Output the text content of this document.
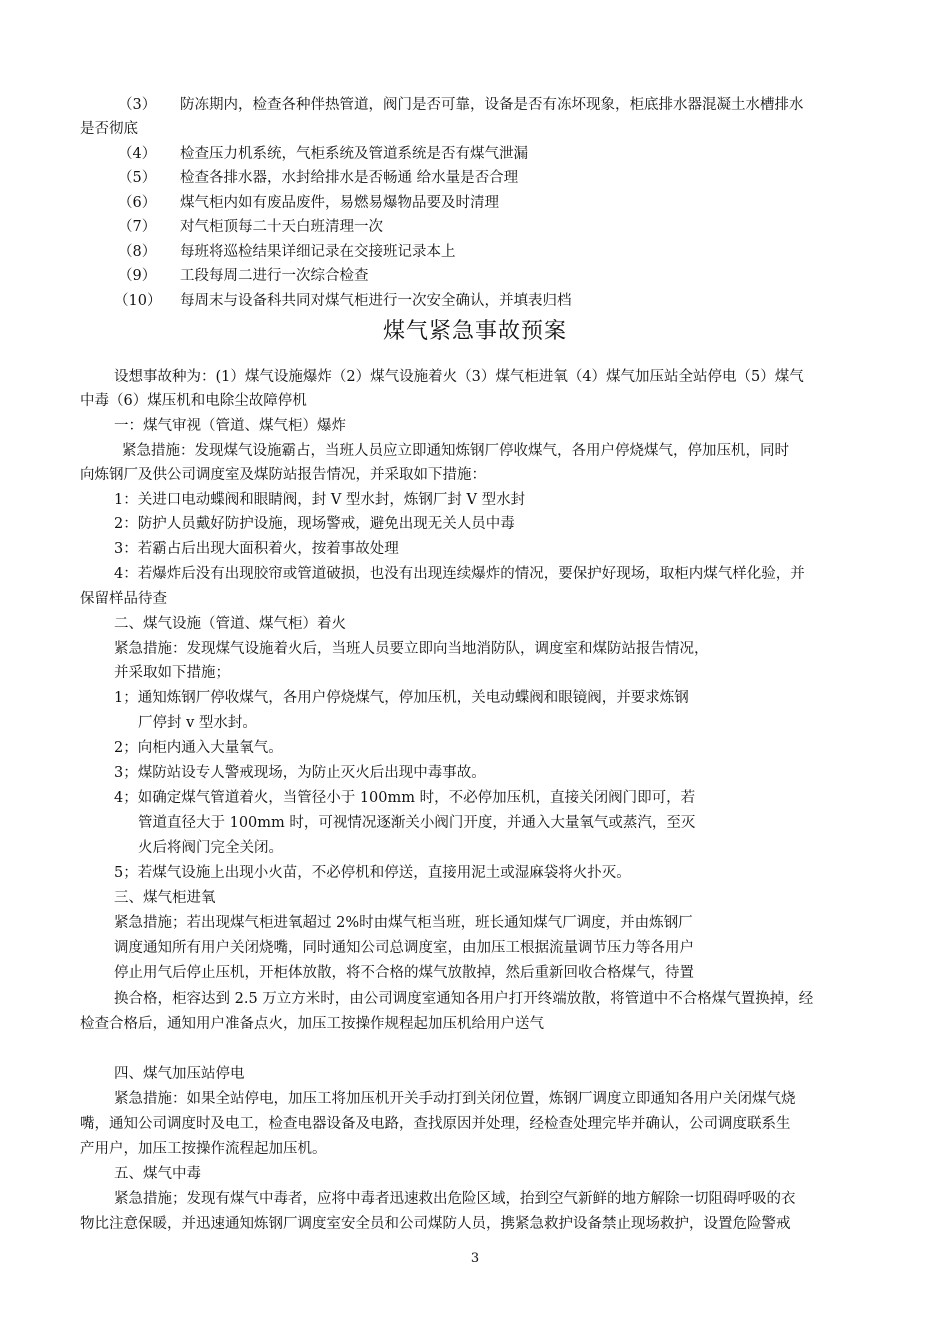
（3） 防冻期内，检查各种伴热管道，阀门是否可靠，设备是否有冻坏现象，柜底排水器混凝土水槽排水
是否彻底
（4） 检查压力机系统，气柜系统及管道系统是否有煤气泄漏
（5） 检查各排水器，水封给排水是否畅通 给水量是否合理
（6） 煤气柜内如有废品废件，易燃易爆物品要及时清理
（7） 对气柜顶每二十天白班清理一次
（8） 每班将巡检结果详细记录在交接班记录本上
（9） 工段每周二进行一次综合检查
（10） 每周末与设备科共同对煤气柜进行一次安全确认，并填表归档
煤气紧急事故预案
设想事故种为：(1）煤气设施爆炸（2）煤气设施着火（3）煤气柜进氧（4）煤气加压站全站停电（5）煤气
中毒（6）煤压机和电除尘故障停机
一：煤气审视（管道、煤气柜）爆炸
紧急措施：发现煤气设施霸占，当班人员应立即通知炼钢厂停收煤气，各用户停烧煤气，停加压机，同时
向炼钢厂及供公司调度室及煤防站报告情况，并采取如下措施：
1：关进口电动蝶阀和眼睛阀，封 V 型水封，炼钢厂封 V 型水封
2：防护人员戴好防护设施，现场警戒，避免出现无关人员中毒
3：若霸占后出现大面积着火，按着事故处理
4：若爆炸后没有出现胶帘或管道破损，也没有出现连续爆炸的情况，要保护好现场，取柜内煤气样化验，并
保留样品待查
二、煤气设施（管道、煤气柜）着火
紧急措施：发现煤气设施着火后，当班人员要立即向当地消防队，调度室和煤防站报告情况，
并采取如下措施；
1；通知炼钢厂停收煤气，各用户停烧煤气，停加压机，关电动蝶阀和眼镜阀，并要求炼钢
厂停封 v 型水封。
2；向柜内通入大量氧气。
3；煤防站设专人警戒现场，为防止灭火后出现中毒事故。
4；如确定煤气管道着火，当管径小于 100mm 时，不必停加压机，直接关闭阀门即可，若
管道直径大于 100mm 时，可视情况逐渐关小阀门开度，并通入大量氧气或蒸汽，至灭
火后将阀门完全关闭。
5；若煤气设施上出现小火苗，不必停机和停送，直接用泥土或湿麻袋将火扑灭。
三、煤气柜进氧
紧急措施；若出现煤气柜进氧超过 2%时由煤气柜当班，班长通知煤气厂调度，并由炼钢厂
调度通知所有用户关闭烧嘴，同时通知公司总调度室，由加压工根据流量调节压力等各用户
停止用气后停止压机，开柜体放散，将不合格的煤气放散掉，然后重新回收合格煤气，待置
换合格，柜容达到 2.5 万立方米时，由公司调度室通知各用户打开终端放散，将管道中不合格煤气置换掉，经
检查合格后，通知用户准备点火，加压工按操作规程起加压机给用户送气
四、煤气加压站停电
紧急措施：如果全站停电，加压工将加压机开关手动打到关闭位置，炼钢厂调度立即通知各用户关闭煤气烧
嘴，通知公司调度时及电工，检查电器设备及电路，查找原因并处理，经检查处理完毕并确认，公司调度联系生
产用户，加压工按操作流程起加压机。
五、煤气中毒
紧急措施；发现有煤气中毒者，应将中毒者迅速救出危险区域，抬到空气新鲜的地方解除一切阻碍呼吸的衣
物比注意保暖，并迅速通知炼钢厂调度室安全员和公司煤防人员，携紧急救护设备禁止现场救护，设置危险警戒
3
